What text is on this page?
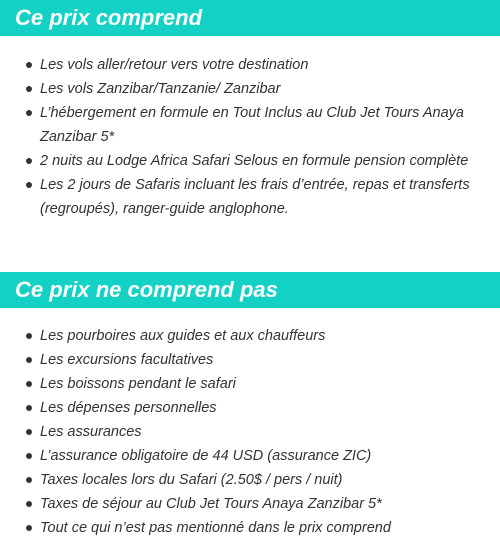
Ce prix comprend
Les vols aller/retour vers votre destination
Les vols Zanzibar/Tanzanie/ Zanzibar
L’hébergement en formule en Tout Inclus au Club Jet Tours Anaya Zanzibar 5*
2 nuits au Lodge Africa Safari Selous en formule pension complète
Les 2 jours de Safaris incluant les frais d’entrée, repas et transferts (regroupés), ranger-guide anglophone.
Ce prix ne comprend pas
Les pourboires aux guides et aux chauffeurs
Les excursions facultatives
Les boissons pendant le safari
Les dépenses personnelles
Les assurances
L’assurance obligatoire de 44 USD (assurance ZIC)
Taxes locales lors du Safari (2.50$ / pers / nuit)
Taxes de séjour au Club Jet Tours Anaya Zanzibar 5*
Tout ce qui n’est pas mentionné dans le prix comprend
